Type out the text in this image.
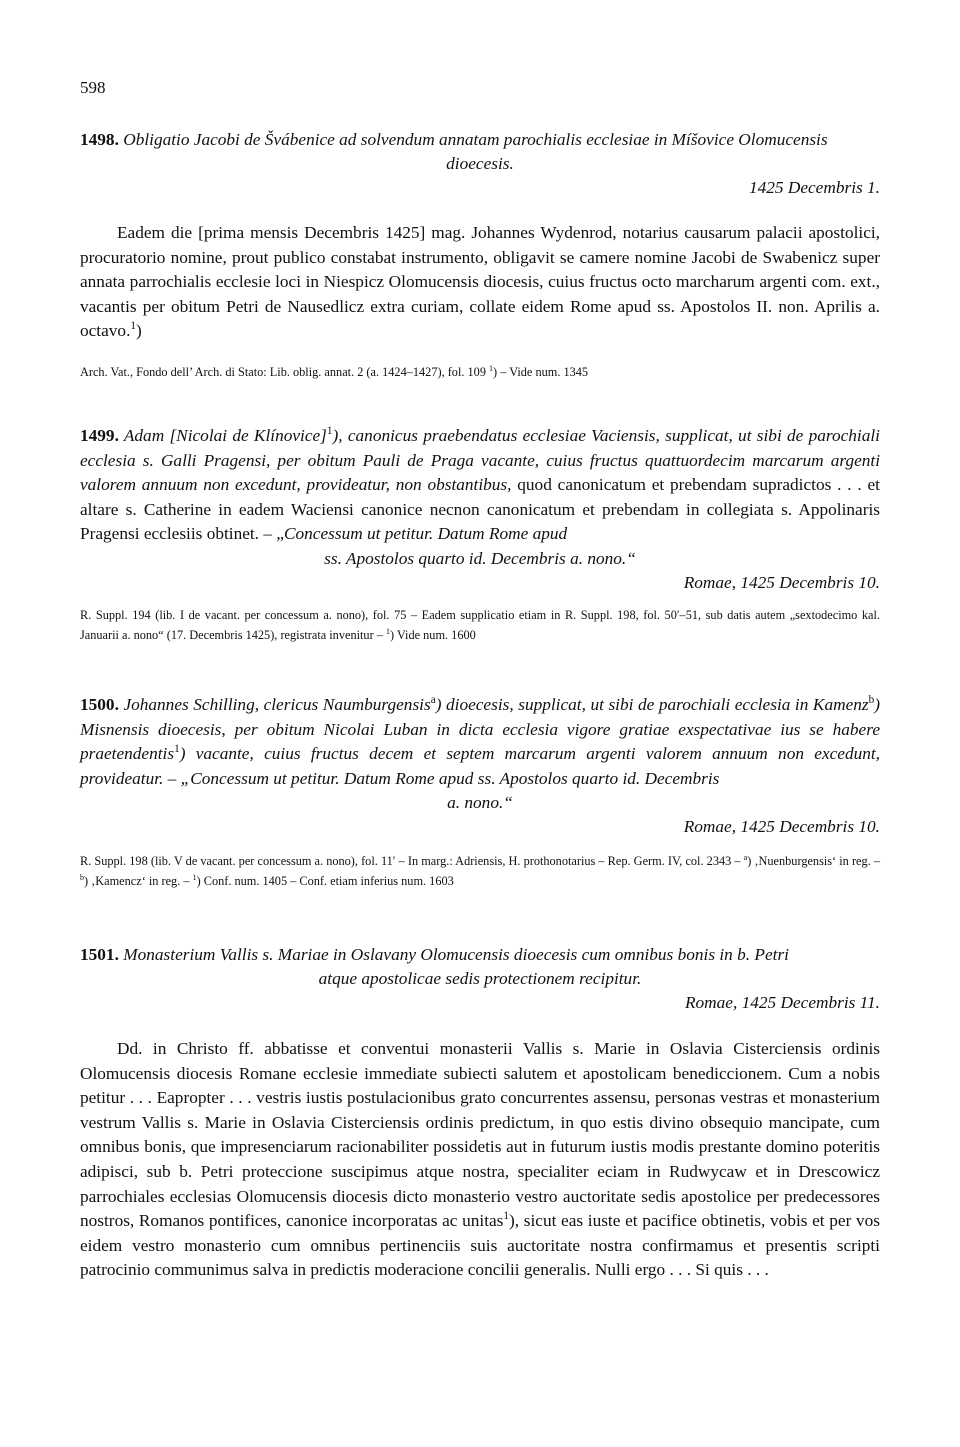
598
1498. Obligatio Jacobi de Švábenice ad solvendum annatam parochialis ecclesiae in Míšovice Olomucensis
dioecesis.
1425 Decembris 1.
Eadem die [prima mensis Decembris 1425] mag. Johannes Wydenrod, notarius causarum palacii apostolici, procuratorio nomine, prout publico constabat instrumento, obligavit se camere nomine Jacobi de Swabenicz super annata parrochialis ecclesie loci in Niespicz Olomucensis diocesis, cuius fructus octo marcharum argenti com. ext., vacantis per obitum Petri de Nausedlicz extra curiam, collate eidem Rome apud ss. Apostolos II. non. Aprilis a. octavo.$^1$)
Arch. Vat., Fondo dell’ Arch. di Stato: Lib. oblig. annat. 2 (a. 1424–1427), fol. 109 $^1$) – Vide num. 1345
1499. Adam [Nicolai de Klínovice]$^1$), canonicus praebendatus ecclesiae Vaciensis, supplicat, ut sibi de parochiali ecclesia s. Galli Pragensi, per obitum Pauli de Praga vacante, cuius fructus quattuordecim marcarum argenti valorem annuum non excedunt, provideatur, non obstantibus, quod canonicatum et prebendam supradictos . . . et altare s. Catherine in eadem Waciensi canonice necnon canonicatum et prebendam in collegiata s. Appolinaris Pragensi ecclesiis obtinet. – „Concessum ut petitur. Datum Rome apud
ss. Apostolos quarto id. Decembris a. nono.“
Romae, 1425 Decembris 10.
R. Suppl. 194 (lib. I de vacant. per concessum a. nono), fol. 75 – Eadem supplicatio etiam in R. Suppl. 198, fol. 50′–51, sub datis autem „sextodecimo kal. Januarii a. nono“ (17. Decembris 1425), registrata invenitur – $^1$) Vide num. 1600
1500. Johannes Schilling, clericus Naumburgensis$^a$) dioecesis, supplicat, ut sibi de parochiali ecclesia in Kamenz$^b$) Misnensis dioecesis, per obitum Nicolai Luban in dicta ecclesia vigore gratiae exspectativae ius se habere praetendentis$^1$) vacante, cuius fructus decem et septem marcarum argenti valorem annuum non excedunt, provideatur. – „Concessum ut petitur. Datum Rome apud ss. Apostolos quarto id. Decembris
a. nono.“
Romae, 1425 Decembris 10.
R. Suppl. 198 (lib. V de vacant. per concessum a. nono), fol. 11′ – In marg.: Adriensis, H. prothonotarius – Rep. Germ. IV, col. 2343 – $^a$) ‚Nuenburgensis‘ in reg. – $^b$) ‚Kamencz‘ in reg. – $^1$) Conf. num. 1405 – Conf. etiam inferius num. 1603
1501. Monasterium Vallis s. Mariae in Oslavany Olomucensis dioecesis cum omnibus bonis in b. Petri
atque apostolicae sedis protectionem recipitur.
Romae, 1425 Decembris 11.
Dd. in Christo ff. abbatisse et conventui monasterii Vallis s. Marie in Oslavia Cisterciensis ordinis Olomucensis diocesis Romane ecclesie immediate subiecti salutem et apostolicam benediccionem. Cum a nobis petitur . . . Eapropter . . . vestris iustis postulacionibus grato concurrentes assensu, personas vestras et monasterium vestrum Vallis s. Marie in Oslavia Cisterciensis ordinis predictum, in quo estis divino obsequio mancipate, cum omnibus bonis, que impresenciarum racionabiliter possidetis aut in futurum iustis modis prestante domino poteritis adipisci, sub b. Petri proteccione suscipimus atque nostra, specialiter eciam in Rudwycaw et in Drescowicz parrochiales ecclesias Olomucensis diocesis dicto monasterio vestro auctoritate sedis apostolice per predecessores nostros, Romanos pontifices, canonice incorporatas ac unitas$^1$), sicut eas iuste et pacifice obtinetis, vobis et per vos eidem vestro monasterio cum omnibus pertinenciis suis auctoritate nostra confirmamus et presentis scripti patrocinio communimus salva in predictis moderacione concilii generalis. Nulli ergo . . . Si quis . . .
